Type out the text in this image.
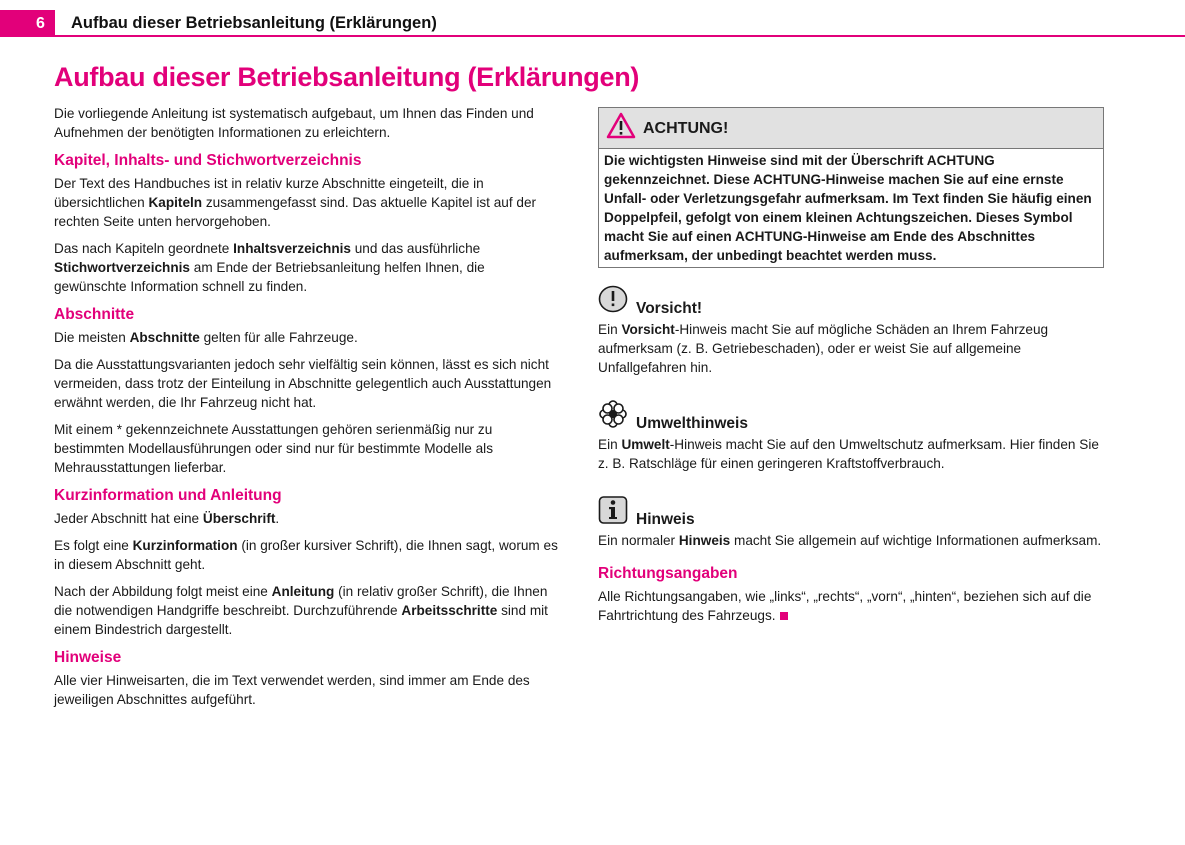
6	Aufbau dieser Betriebsanleitung (Erklärungen)
Aufbau dieser Betriebsanleitung (Erklärungen)

Die vorliegende Anleitung ist systematisch aufgebaut, um Ihnen das Finden und Aufnehmen der benötigten Informationen zu erleichtern.

Kapitel, Inhalts- und Stichwortverzeichnis

Der Text des Handbuches ist in relativ kurze Abschnitte eingeteilt, die in übersichtlichen Kapiteln zusammengefasst sind. Das aktuelle Kapitel ist auf der rechten Seite unten hervorgehoben.

Das nach Kapiteln geordnete Inhaltsverzeichnis und das ausführliche Stichwortverzeichnis am Ende der Betriebsanleitung helfen Ihnen, die gewünschte Information schnell zu finden.

Abschnitte

Die meisten Abschnitte gelten für alle Fahrzeuge.

Da die Ausstattungsvarianten jedoch sehr vielfältig sein können, lässt es sich nicht vermeiden, dass trotz der Einteilung in Abschnitte gelegentlich auch Ausstattungen erwähnt werden, die Ihr Fahrzeug nicht hat.

Mit einem * gekennzeichnete Ausstattungen gehören serienmäßig nur zu bestimmten Modellausführungen oder sind nur für bestimmte Modelle als Mehrausstattungen lieferbar.

Kurzinformation und Anleitung

Jeder Abschnitt hat eine Überschrift.

Es folgt eine Kurzinformation (in großer kursiver Schrift), die Ihnen sagt, worum es in diesem Abschnitt geht.

Nach der Abbildung folgt meist eine Anleitung (in relativ großer Schrift), die Ihnen die notwendigen Handgriffe beschreibt. Durchzuführende Arbeitsschritte sind mit einem Bindestrich dargestellt.

Hinweise

Alle vier Hinweisarten, die im Text verwendet werden, sind immer am Ende des jeweiligen Abschnittes aufgeführt.

ACHTUNG!
Die wichtigsten Hinweise sind mit der Überschrift ACHTUNG gekennzeichnet. Diese ACHTUNG-Hinweise machen Sie auf eine ernste Unfall- oder Verletzungsgefahr aufmerksam. Im Text finden Sie häufig einen Doppelpfeil, gefolgt von einem kleinen Achtungszeichen. Dieses Symbol macht Sie auf einen ACHTUNG-Hinweise am Ende des Abschnittes aufmerksam, der unbedingt beachtet werden muss.
Vorsicht!

Ein Vorsicht-Hinweis macht Sie auf mögliche Schäden an Ihrem Fahrzeug aufmerksam (z. B. Getriebeschaden), oder er weist Sie auf allgemeine Unfallgefahren hin.

Umwelthinweis

Ein Umwelt-Hinweis macht Sie auf den Umweltschutz aufmerksam. Hier finden Sie z. B. Ratschläge für einen geringeren Kraftstoffverbrauch.

Hinweis

Ein normaler Hinweis macht Sie allgemein auf wichtige Informationen aufmerksam.

Richtungsangaben

Alle Richtungsangaben, wie „links“, „rechts“, „vorn“, „hinten“, beziehen sich auf die Fahrtrichtung des Fahrzeugs.
